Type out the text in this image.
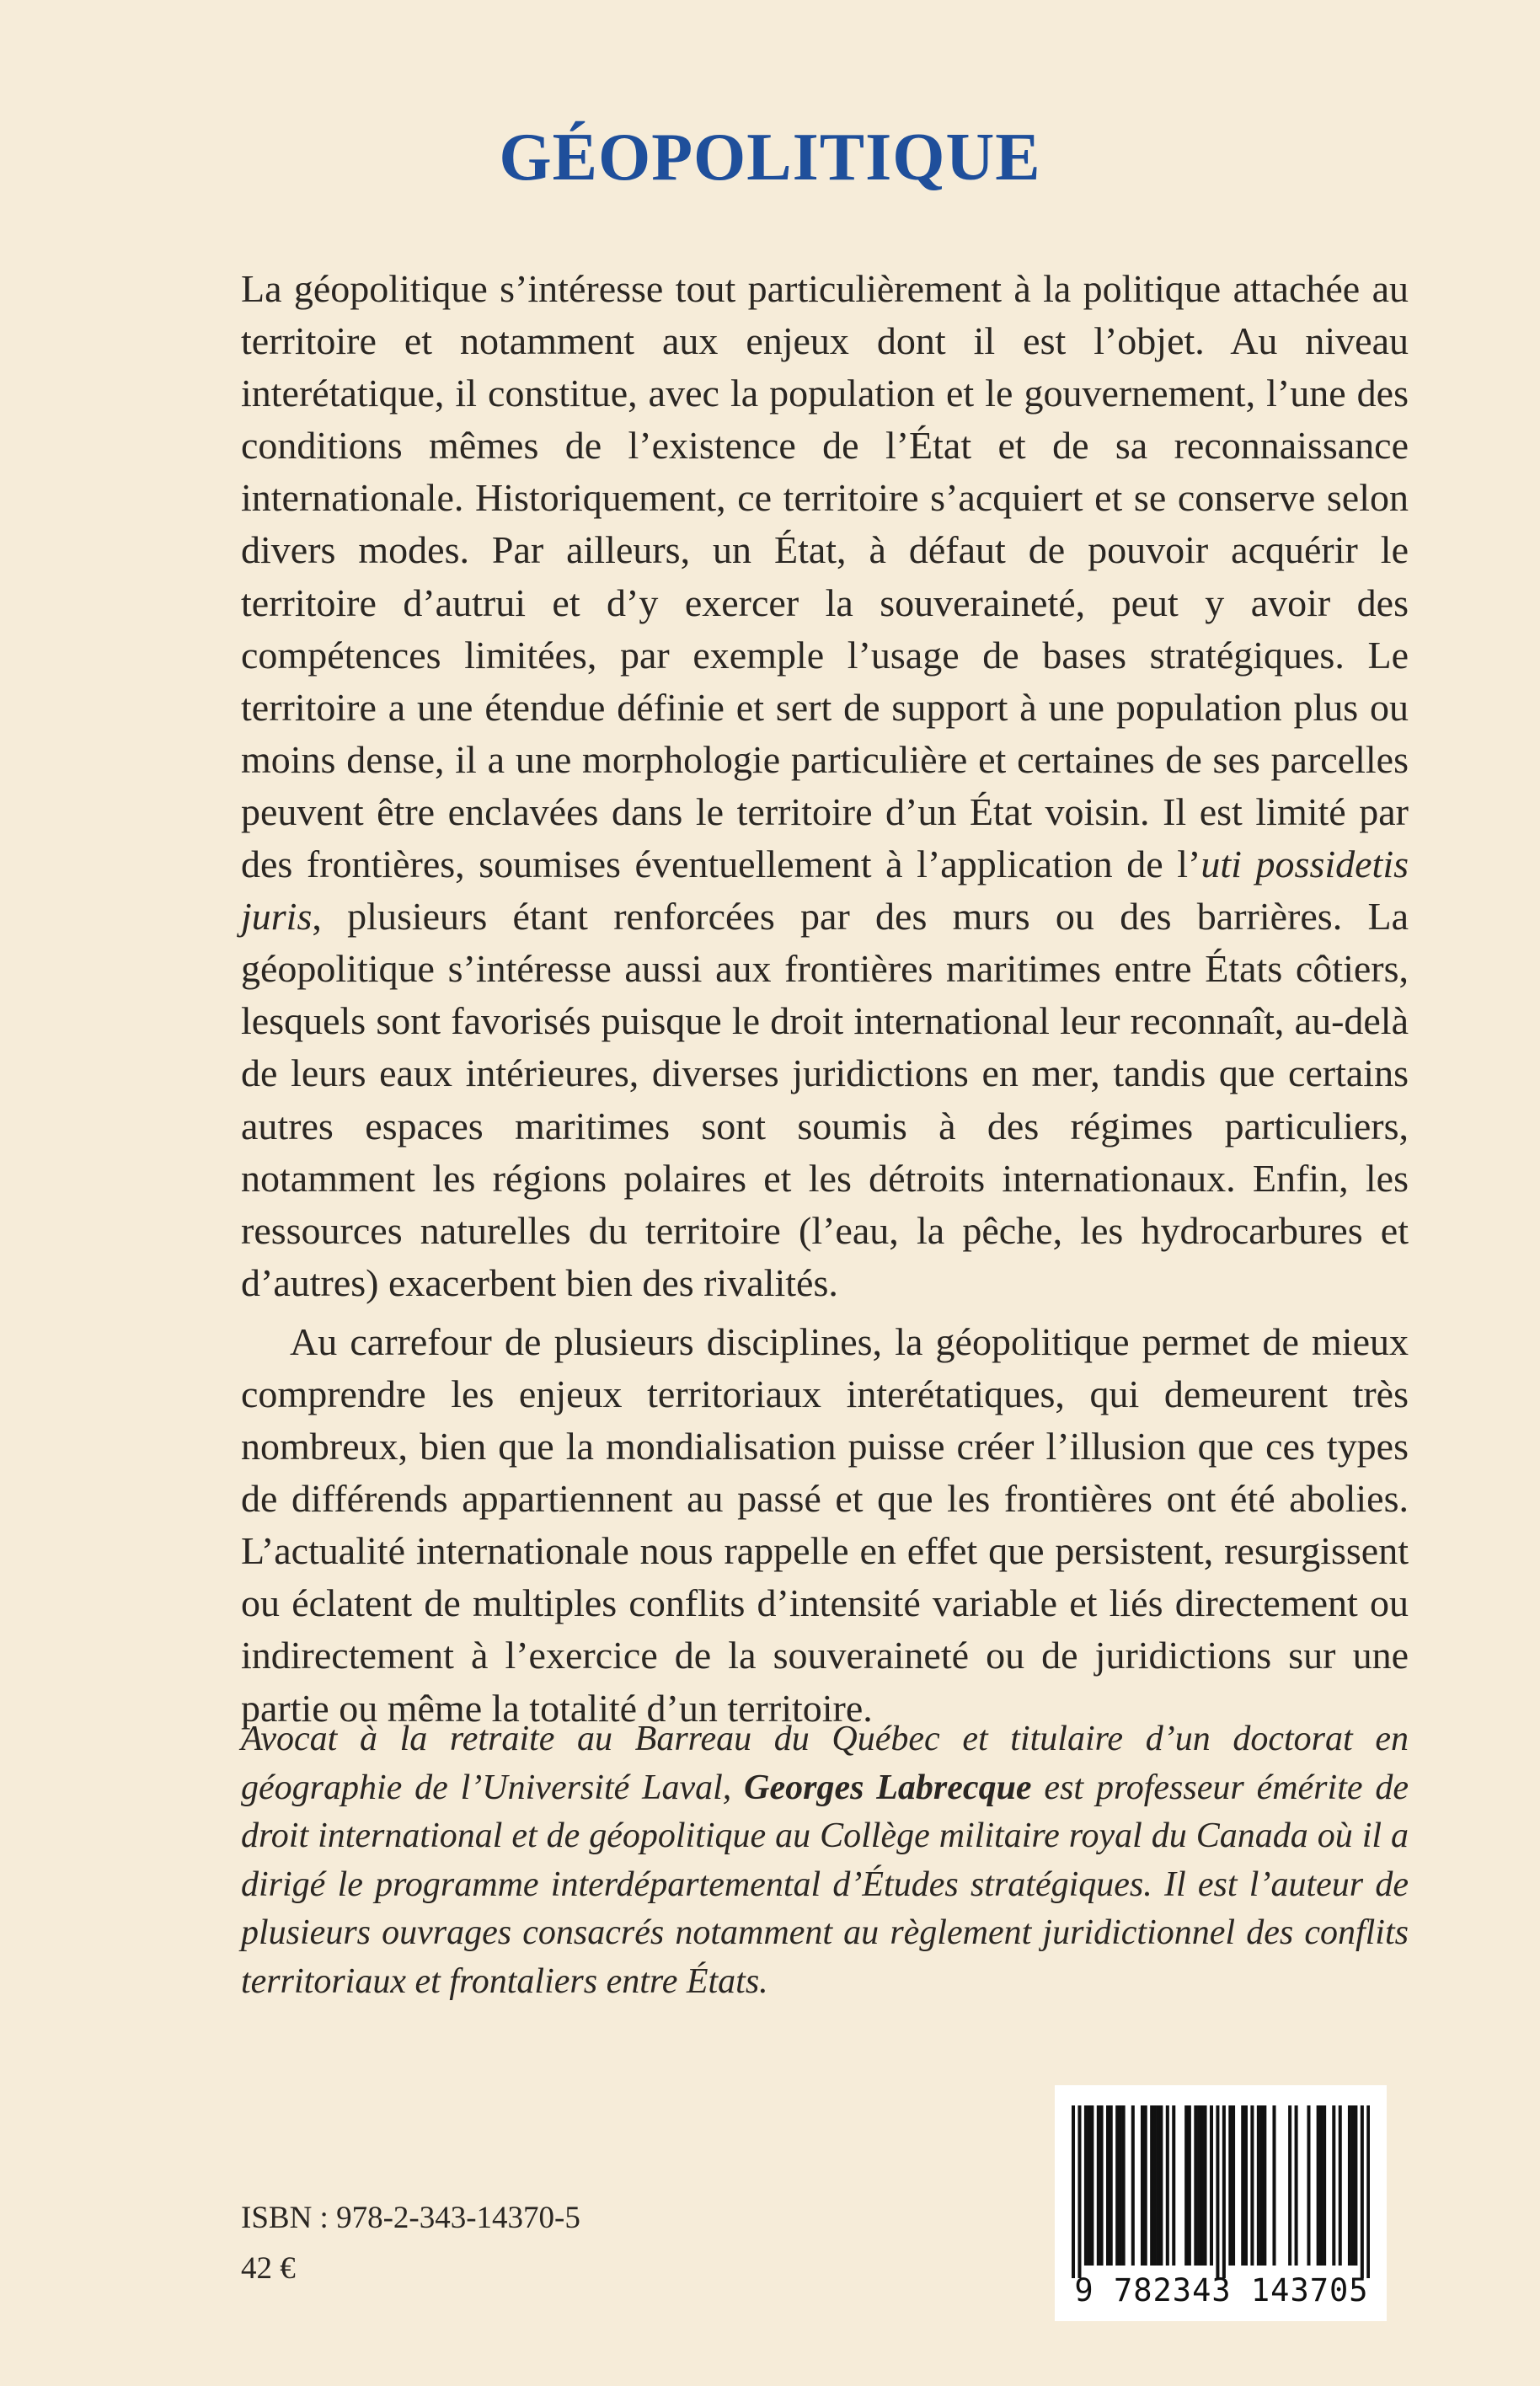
GÉOPOLITIQUE

La géopolitique s’intéresse tout particulièrement à la politique attachée au territoire et notamment aux enjeux dont il est l’objet. Au niveau interétatique, il constitue, avec la population et le gouvernement, l’une des conditions mêmes de l’existence de l’État et de sa reconnaissance internationale. Historiquement, ce territoire s’acquiert et se conserve selon divers modes. Par ailleurs, un État, à défaut de pouvoir acquérir le territoire d’autrui et d’y exercer la souveraineté, peut y avoir des compétences limitées, par exemple l’usage de bases stratégiques. Le territoire a une étendue définie et sert de support à une population plus ou moins dense, il a une morphologie particulière et certaines de ses parcelles peuvent être enclavées dans le territoire d’un État voisin. Il est limité par des frontières, soumises éventuellement à l’application de l’uti possidetis juris, plusieurs étant renforcées par des murs ou des barrières. La géopolitique s’intéresse aussi aux frontières maritimes entre États côtiers, lesquels sont favorisés puisque le droit international leur reconnaît, au-delà de leurs eaux intérieures, diverses juridictions en mer, tandis que certains autres espaces maritimes sont soumis à des régimes particuliers, notamment les régions polaires et les détroits internationaux. Enfin, les ressources naturelles du territoire (l’eau, la pêche, les hydrocarbures et d’autres) exacerbent bien des rivalités.

Au carrefour de plusieurs disciplines, la géopolitique permet de mieux comprendre les enjeux territoriaux interétatiques, qui demeurent très nombreux, bien que la mondialisation puisse créer l’illusion que ces types de différends appartiennent au passé et que les frontières ont été abolies. L’actualité internationale nous rappelle en effet que persistent, resurgissent ou éclatent de multiples conflits d’intensité variable et liés directement ou indirectement à l’exercice de la souveraineté ou de juridictions sur une partie ou même la totalité d’un territoire.

Avocat à la retraite au Barreau du Québec et titulaire d’un doctorat en géographie de l’Université Laval, Georges Labrecque est professeur émérite de droit international et de géopolitique au Collège militaire royal du Canada où il a dirigé le programme interdépartemental d’Études stratégiques. Il est l’auteur de plusieurs ouvrages consacrés notamment au règlement juridictionnel des conflits territoriaux et frontaliers entre États.

ISBN : 978-2-343-14370-5

42 €

9 782343 143705
